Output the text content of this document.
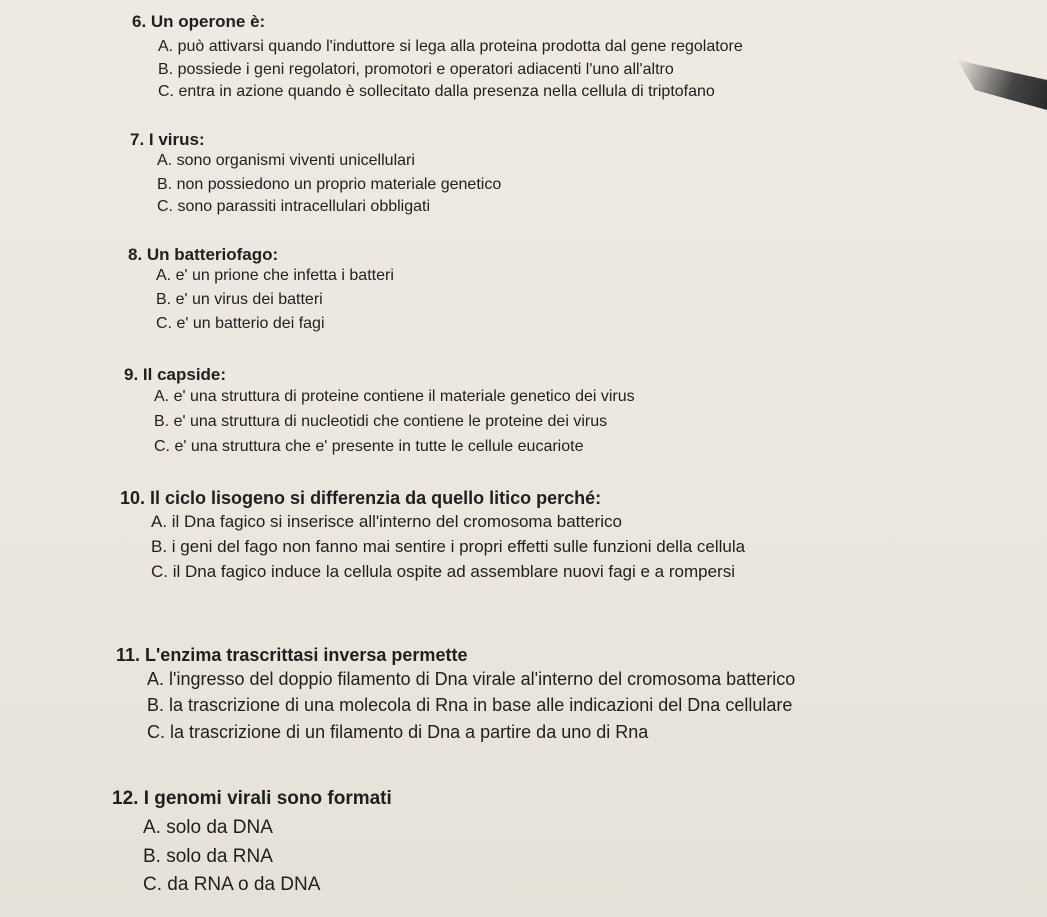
6. Un operone è:
A. può attivarsi quando l'induttore si lega alla proteina prodotta dal gene regolatore
B. possiede i geni regolatori, promotori e operatori adiacenti l'uno all'altro
C. entra in azione quando è sollecitato dalla presenza nella cellula di triptofano
7. I virus:
A. sono organismi viventi unicellulari
B. non possiedono un proprio materiale genetico
C. sono parassiti intracellulari obbligati
8. Un batteriofago:
A. e' un prione che infetta i batteri
B. e' un virus dei batteri
C. e' un batterio dei fagi
9. Il capside:
A. e' una struttura di proteine contiene il materiale genetico dei virus
B. e' una struttura di nucleotidi che contiene le proteine dei virus
C. e' una struttura che e' presente in tutte le cellule eucariote
10. Il ciclo lisogeno si differenzia da quello litico perché:
A. il Dna fagico si inserisce all'interno del cromosoma batterico
B. i geni del fago non fanno mai sentire i propri effetti sulle funzioni della cellula
C. il Dna fagico induce la cellula ospite ad assemblare nuovi fagi e a rompersi
11. L'enzima trascrittasi inversa permette
A. l'ingresso del doppio filamento di Dna virale al'interno del cromosoma batterico
B. la trascrizione di una molecola di Rna in base alle indicazioni del Dna cellulare
C. la trascrizione di un filamento di Dna a partire da uno di Rna
12. I genomi virali sono formati
A. solo da DNA
B. solo da RNA
C. da RNA o da DNA
